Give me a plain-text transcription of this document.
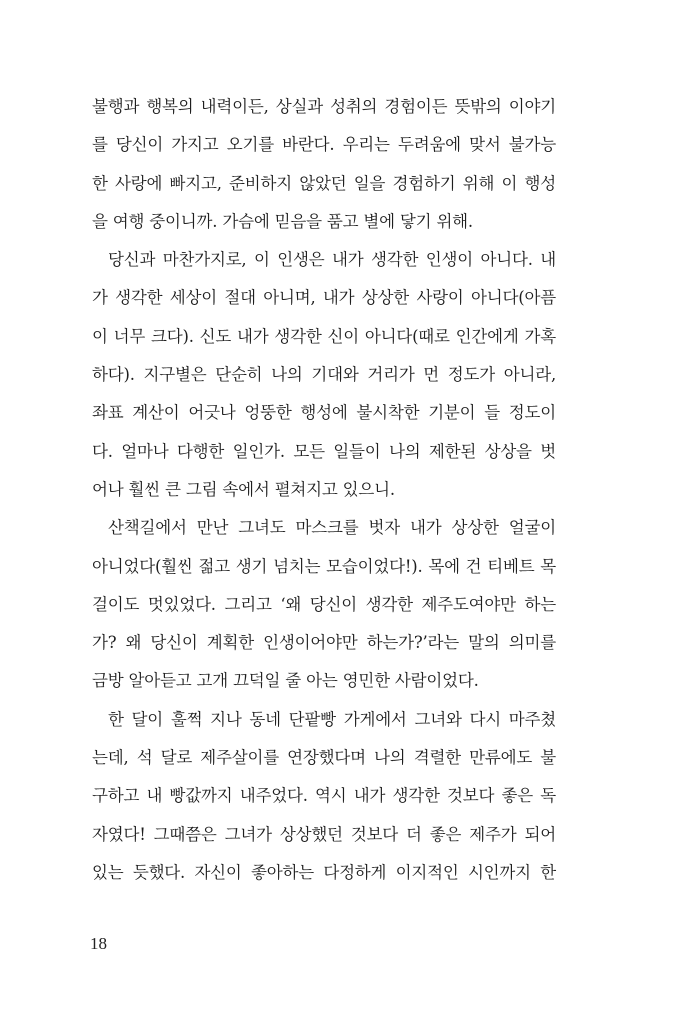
불행과 행복의 내력이든, 상실과 성취의 경험이든 뜻밖의 이야기
를 당신이 가지고 오기를 바란다. 우리는 두려움에 맞서 불가능
한 사랑에 빠지고, 준비하지 않았던 일을 경험하기 위해 이 행성
을 여행 중이니까. 가슴에 믿음을 품고 별에 닿기 위해.
당신과 마찬가지로, 이 인생은 내가 생각한 인생이 아니다. 내
가 생각한 세상이 절대 아니며, 내가 상상한 사랑이 아니다(아픔
이 너무 크다). 신도 내가 생각한 신이 아니다(때로 인간에게 가혹
하다). 지구별은 단순히 나의 기대와 거리가 먼 정도가 아니라,
좌표 계산이 어긋나 엉뚱한 행성에 불시착한 기분이 들 정도이
다. 얼마나 다행한 일인가. 모든 일들이 나의 제한된 상상을 벗
어나 훨씬 큰 그림 속에서 펼쳐지고 있으니.
산책길에서 만난 그녀도 마스크를 벗자 내가 상상한 얼굴이
아니었다(훨씬 젊고 생기 넘치는 모습이었다!). 목에 건 티베트 목
걸이도 멋있었다. 그리고 ‘왜 당신이 생각한 제주도여야만 하는
가? 왜 당신이 계획한 인생이어야만 하는가?’라는 말의 의미를
금방 알아듣고 고개 끄덕일 줄 아는 영민한 사람이었다.
한 달이 훌쩍 지나 동네 단팥빵 가게에서 그녀와 다시 마주쳤
는데, 석 달로 제주살이를 연장했다며 나의 격렬한 만류에도 불
구하고 내 빵값까지 내주었다. 역시 내가 생각한 것보다 좋은 독
자였다! 그때쯤은 그녀가 상상했던 것보다 더 좋은 제주가 되어
있는 듯했다. 자신이 좋아하는 다정하게 이지적인 시인까지 한
18
